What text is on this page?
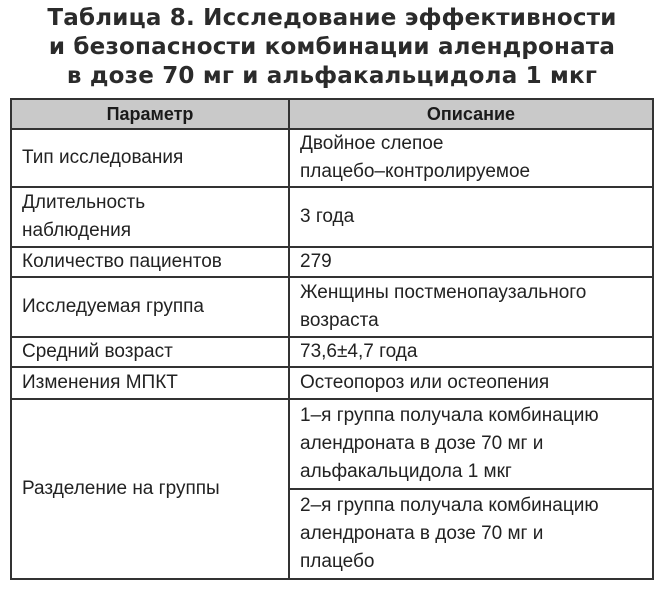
Таблица 8. Исследование эффективности
и безопасности комбинации алендроната
в дозе 70 мг и альфакальцидола 1 мкг
Параметр	Описание
Тип исследования	Двойное слепое
плацебо–контролируемое
Длительность
наблюдения	3 года
Количество пациентов	279
Исследуемая группа	Женщины постменопаузального
возраста
Средний возраст	73,6±4,7 года
Изменения МПКТ	Остеопороз или остеопения
Разделение на группы	1–я группа получала комбинацию
алендроната в дозе 70 мг и
альфакальцидола 1 мкг
	2–я группа получала комбинацию
алендроната в дозе 70 мг и
плацебо
